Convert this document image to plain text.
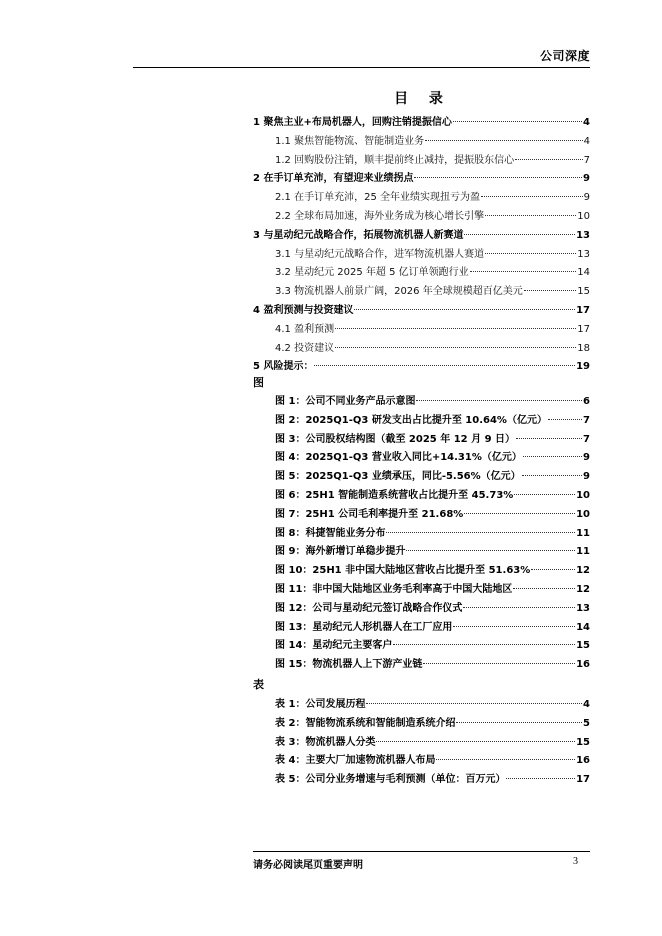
公司深度
目 录
1 聚焦主业+布局机器人，回购注销提振信心	4
1.1 聚焦智能物流、智能制造业务	4
1.2 回购股份注销，顺丰提前终止减持，提振股东信心	7
2 在手订单充沛，有望迎来业绩拐点	9
2.1 在手订单充沛，25 全年业绩实现扭亏为盈	9
2.2 全球布局加速，海外业务成为核心增长引擎	10
3 与星动纪元战略合作，拓展物流机器人新赛道	13
3.1 与星动纪元战略合作，进军物流机器人赛道	13
3.2 星动纪元 2025 年超 5 亿订单领跑行业	14
3.3 物流机器人前景广阔，2026 年全球规模超百亿美元	15
4 盈利预测与投资建议	17
4.1 盈利预测	17
4.2 投资建议	18
5 风险提示：	19
图
图 1：公司不同业务产品示意图	6
图 2：2025Q1-Q3 研发支出占比提升至 10.64%（亿元）	7
图 3：公司股权结构图（截至 2025 年 12 月 9 日）	7
图 4：2025Q1-Q3 营业收入同比+14.31%（亿元）	9
图 5：2025Q1-Q3 业绩承压，同比-5.56%（亿元）	9
图 6：25H1 智能制造系统营收占比提升至 45.73%	10
图 7：25H1 公司毛利率提升至 21.68%	10
图 8：科捷智能业务分布	11
图 9：海外新增订单稳步提升	11
图 10：25H1 非中国大陆地区营收占比提升至 51.63%	12
图 11：非中国大陆地区业务毛利率高于中国大陆地区	12
图 12：公司与星动纪元签订战略合作仪式	13
图 13：星动纪元人形机器人在工厂应用	14
图 14：星动纪元主要客户	15
图 15：物流机器人上下游产业链	16
表
表 1：公司发展历程	4
表 2：智能物流系统和智能制造系统介绍	5
表 3：物流机器人分类	15
表 4：主要大厂加速物流机器人布局	16
表 5：公司分业务增速与毛利预测（单位：百万元）	17
请务必阅读尾页重要声明	3
